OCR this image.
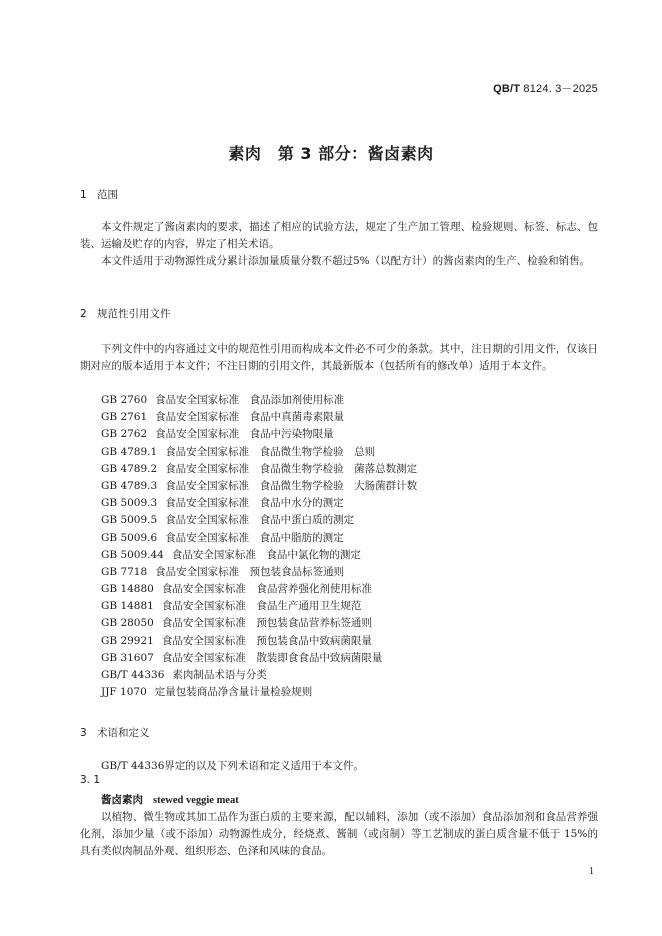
QB/T 8124. 3－2025
素肉　第 3 部分：酱卤素肉
1 范围
本文件规定了酱卤素肉的要求，描述了相应的试验方法，规定了生产加工管理、检验规则、标签、标志、包装、运输及贮存的内容，界定了相关术语。
本文件适用于动物源性成分累计添加量质量分数不超过5%（以配方计）的酱卤素肉的生产、检验和销售。
2 规范性引用文件
下列文件中的内容通过文中的规范性引用而构成本文件必不可少的条款。其中，注日期的引用文件，仅该日期对应的版本适用于本文件；不注日期的引用文件，其最新版本（包括所有的修改单）适用于本文件。
GB 2760 食品安全国家标准　食品添加剂使用标准
GB 2761 食品安全国家标准　食品中真菌毒素限量
GB 2762 食品安全国家标准　食品中污染物限量
GB 4789.1 食品安全国家标准　食品微生物学检验　总则
GB 4789.2 食品安全国家标准　食品微生物学检验　菌落总数测定
GB 4789.3 食品安全国家标准　食品微生物学检验　大肠菌群计数
GB 5009.3 食品安全国家标准　食品中水分的测定
GB 5009.5 食品安全国家标准　食品中蛋白质的测定
GB 5009.6 食品安全国家标准　食品中脂肪的测定
GB 5009.44 食品安全国家标准　食品中氯化物的测定
GB 7718 食品安全国家标准　预包装食品标签通则
GB 14880 食品安全国家标准　食品营养强化剂使用标准
GB 14881 食品安全国家标准　食品生产通用卫生规范
GB 28050 食品安全国家标准　预包装食品营养标签通则
GB 29921 食品安全国家标准　预包装食品中致病菌限量
GB 31607 食品安全国家标准　散装即食食品中致病菌限量
GB/T 44336 素肉制品术语与分类
JJF 1070 定量包装商品净含量计量检验规则
3 术语和定义
GB/T 44336界定的以及下列术语和定义适用于本文件。
3. 1
酱卤素肉 stewed veggie meat
以植物、微生物或其加工品作为蛋白质的主要来源，配以辅料，添加（或不添加）食品添加剂和食品营养强化剂，添加少量（或不添加）动物源性成分，经烧煮、酱制（或卤制）等工艺制成的蛋白质含量不低于 15%的具有类似肉制品外观、组织形态、色泽和风味的食品。
1
